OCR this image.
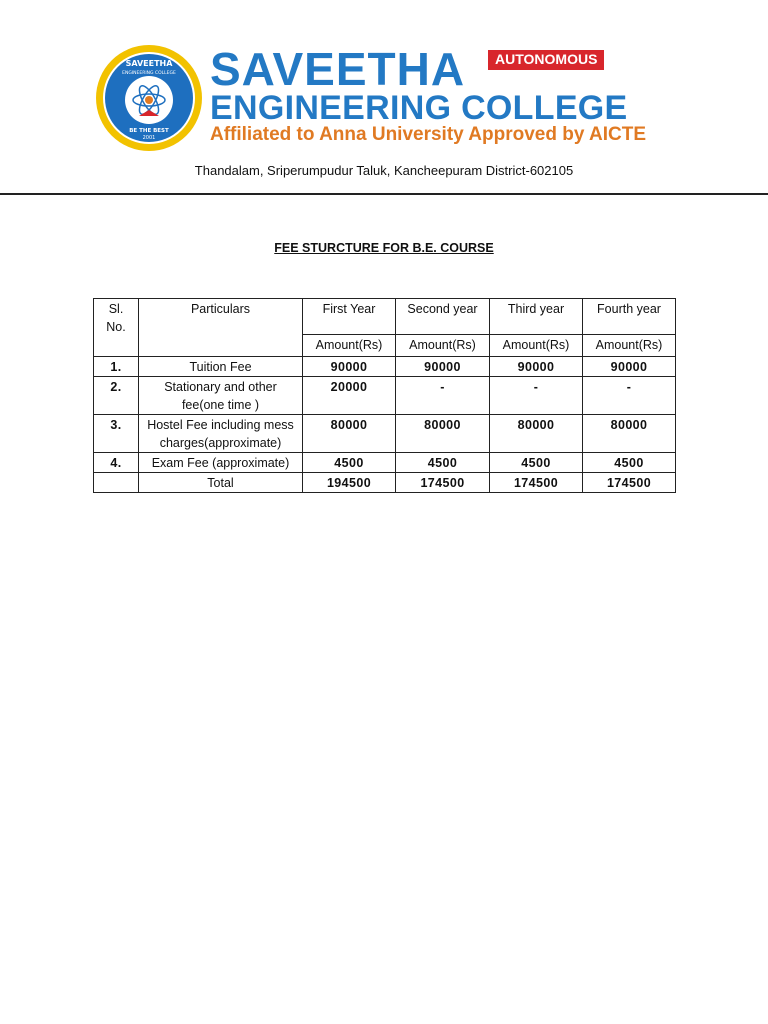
SAVEETHA
ENGINEERING COLLEGE
BE THE BEST
2001
SAVEETHA	AUTONOMOUS
ENGINEERING COLLEGE
Affiliated to Anna University Approved by AICTE
Thandalam, Sriperumpudur Taluk, Kancheepuram District-602105
FEE STURCTURE FOR B.E. COURSE
Sl. No.	Particulars	First Year	Second year	Third year	Fourth year
		Amount(Rs)	Amount(Rs)	Amount(Rs)	Amount(Rs)
1.	Tuition Fee	90000	90000	90000	90000
2.	Stationary and other fee(one time )	20000	-	-	-
3.	Hostel Fee including mess charges(approximate)	80000	80000	80000	80000
4.	Exam Fee (approximate)	4500	4500	4500	4500
	Total	194500	174500	174500	174500
